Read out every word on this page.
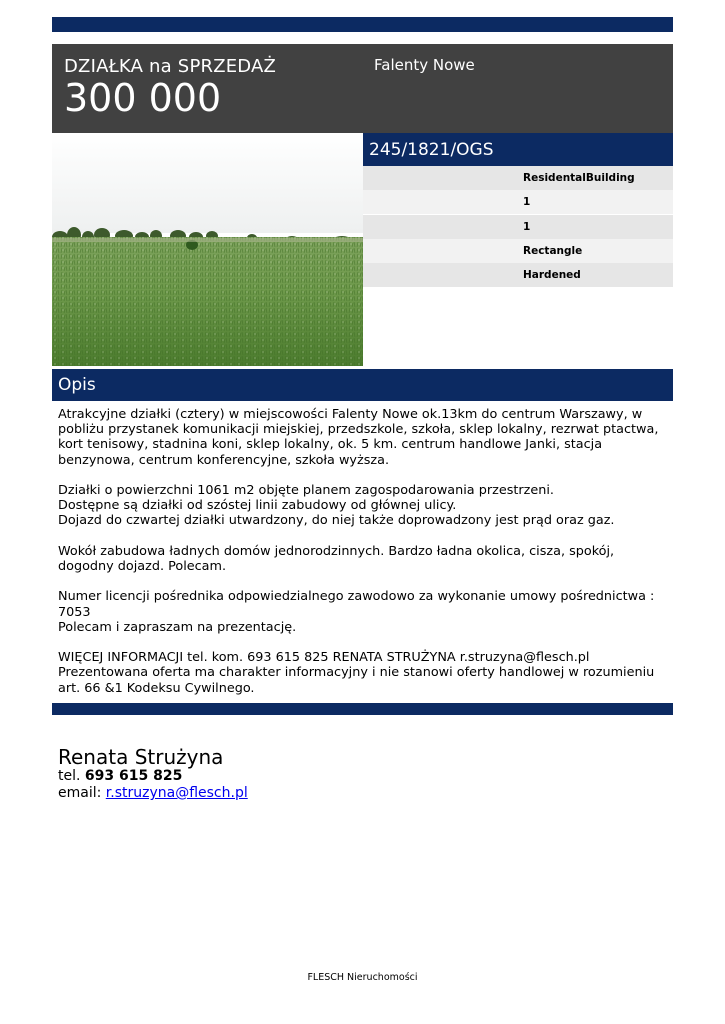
DZIAŁKA na SPRZEDAŻ
300 000
Falenty Nowe
245/1821/OGS
ResidentalBuilding
1
1
Rectangle
Hardened
Opis

Atrakcyjne działki (cztery) w miejscowości Falenty Nowe ok.13km do centrum Warszawy, w pobliżu przystanek komunikacji miejskiej, przedszkole, szkoła, sklep lokalny, rezrwat ptactwa, kort tenisowy, stadnina koni, sklep lokalny, ok. 5 km. centrum handlowe Janki, stacja benzynowa, centrum konferencyjne, szkoła wyższa.

Działki o powierzchni 1061 m2 objęte planem zagospodarowania przestrzeni.
Dostępne są działki od szóstej linii zabudowy od głównej ulicy.
Dojazd do czwartej działki utwardzony, do niej także doprowadzony jest prąd oraz gaz.

Wokół zabudowa ładnych domów jednorodzinnych. Bardzo ładna okolica, cisza, spokój, dogodny dojazd. Polecam.

Numer licencji pośrednika odpowiedzialnego zawodowo za wykonanie umowy pośrednictwa : 7053
Polecam i zapraszam na prezentację.

WIĘCEJ INFORMACJI tel. kom. 693 615 825 RENATA STRUŻYNA r.struzyna@flesch.pl
Prezentowana oferta ma charakter informacyjny i nie stanowi oferty handlowej w rozumieniu art. 66 &1 Kodeksu Cywilnego.

Renata Strużyna
tel. 693 615 825
email: r.struzyna@flesch.pl
FLESCH Nieruchomości
